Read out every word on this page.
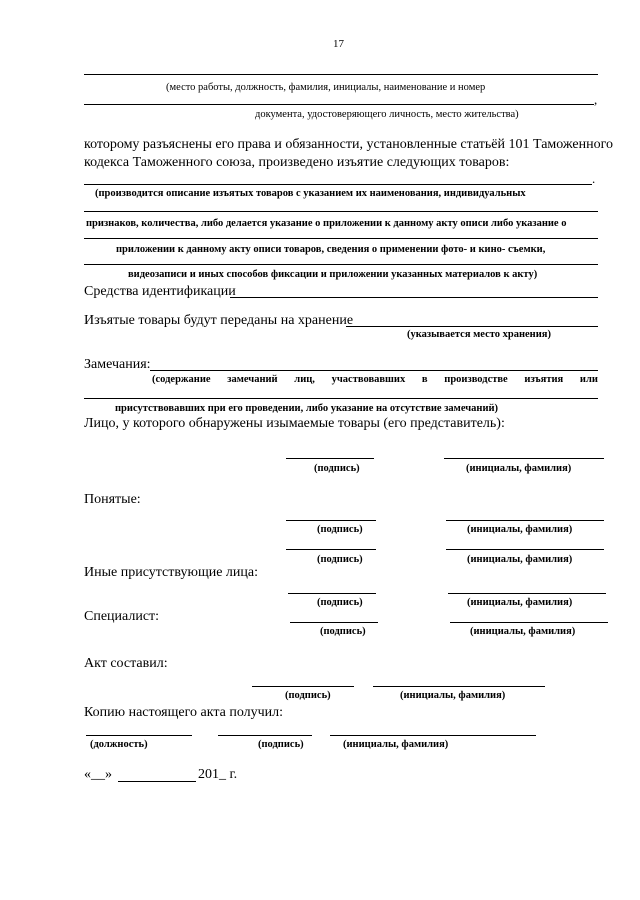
17
(место работы, должность, фамилия, инициалы, наименование и номер
,
документа, удостоверяющего личность, место жительства)
которому разъяснены его права и обязанности, установленные статьёй 101 Таможенного
кодекса Таможенного союза, произведено изъятие следующих товаров:
.
(производится описание изъятых товаров с указанием их наименования, индивидуальных
признаков, количества, либо делается указание о приложении к данному акту описи либо указание о
приложении к данному акту описи товаров, сведения о применении фото- и кино- съемки,
видеозаписи и иных способов фиксации и приложении указанных материалов к акту)
Средства идентификации
Изъятые товары будут переданы на хранение
(указывается место хранения)
Замечания:
(содержание замечаний лиц, участвовавших в производстве изъятия или
присутствовавших при его проведении, либо указание на отсутствие замечаний)
Лицо, у которого обнаружены изымаемые товары (его представитель):
(подпись)	(инициалы, фамилия)
Понятые:
(подпись)	(инициалы, фамилия)
(подпись)	(инициалы, фамилия)
Иные присутствующие лица:
(подпись)	(инициалы, фамилия)
Специалист:
(подпись)	(инициалы, фамилия)
Акт составил:
(подпись)	(инициалы, фамилия)
Копию настоящего акта получил:
(должность)	(подпись)	(инициалы, фамилия)
«__»	201_ г.
